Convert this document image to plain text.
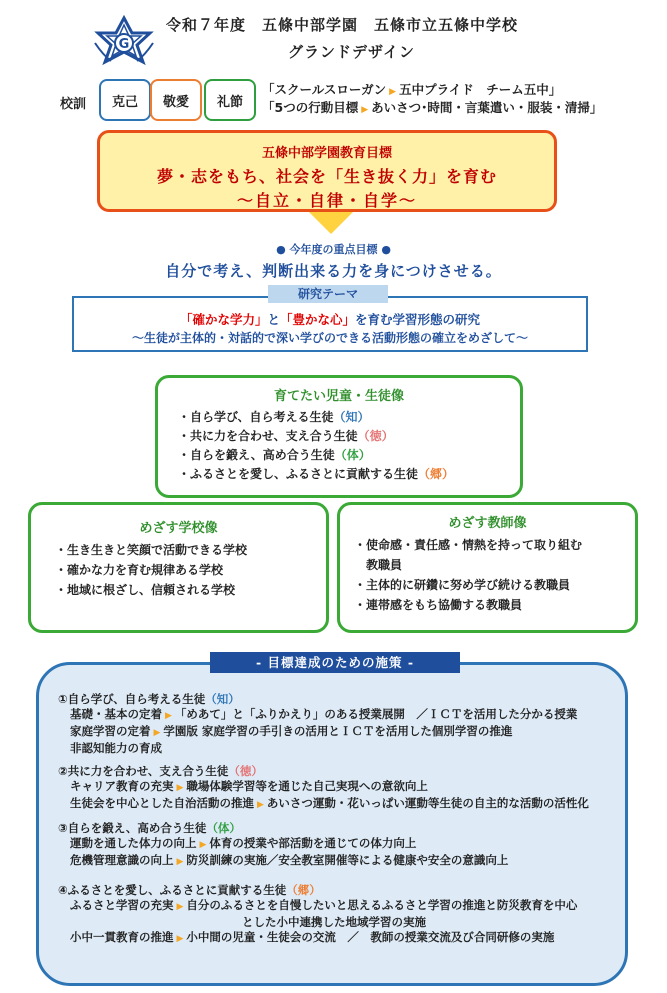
G
令和７年度　五條中部学園　五條市立五條中学校
グランドデザイン
校訓	克己	敬愛	礼節
「スクールスローガン ▶ 五中プライド　チーム五中」
「5つの行動目標 ▶ あいさつ･時間・言葉遣い・服装・清掃」
五條中部学園教育目標
夢・志をもち、社会を「生き抜く力」を育む
～自立・自律・自学～
● 今年度の重点目標 ●
自分で考え、判断出来る力を身につけさせる。
研究テーマ
「確かな学力」と「豊かな心」を育む学習形態の研究
～生徒が主体的・対話的で深い学びのできる活動形態の確立をめざして～
育てたい児童・生徒像
・自ら学び、自ら考える生徒（知）
・共に力を合わせ、支え合う生徒（徳）
・自らを鍛え、高め合う生徒（体）
・ふるさとを愛し、ふるさとに貢献する生徒（郷）
めざす学校像
・生き生きと笑顔で活動できる学校
・確かな力を育む規律ある学校
・地域に根ざし、信頼される学校
めざす教師像
・使命感・責任感・情熱を持って取り組む
　教職員
・主体的に研鑽に努め学び続ける教職員
・連帯感をもち協働する教職員
- 目標達成のための施策 -
①自ら学び、自ら考える生徒（知）
基礎・基本の定着 ▶ 「めあて」と「ふりかえり」のある授業展開　／ＩＣＴを活用した分かる授業
家庭学習の定着 ▶ 学園版 家庭学習の手引きの活用とＩＣＴを活用した個別学習の推進
非認知能力の育成
②共に力を合わせ、支え合う生徒（徳）
キャリア教育の充実 ▶ 職場体験学習等を通じた自己実現への意欲向上
生徒会を中心とした自治活動の推進 ▶ あいさつ運動・花いっぱい運動等生徒の自主的な活動の活性化
③自らを鍛え、高め合う生徒（体）
運動を通した体力の向上 ▶ 体育の授業や部活動を通じての体力向上
危機管理意識の向上 ▶ 防災訓練の実施／安全教室開催等による健康や安全の意識向上
④ふるさとを愛し、ふるさとに貢献する生徒（郷）
ふるさと学習の充実 ▶ 自分のふるさとを自慢したいと思えるふるさと学習の推進と防災教育を中心
とした小中連携した地域学習の実施
小中一貫教育の推進 ▶ 小中間の児童・生徒会の交流　／　教師の授業交流及び合同研修の実施
